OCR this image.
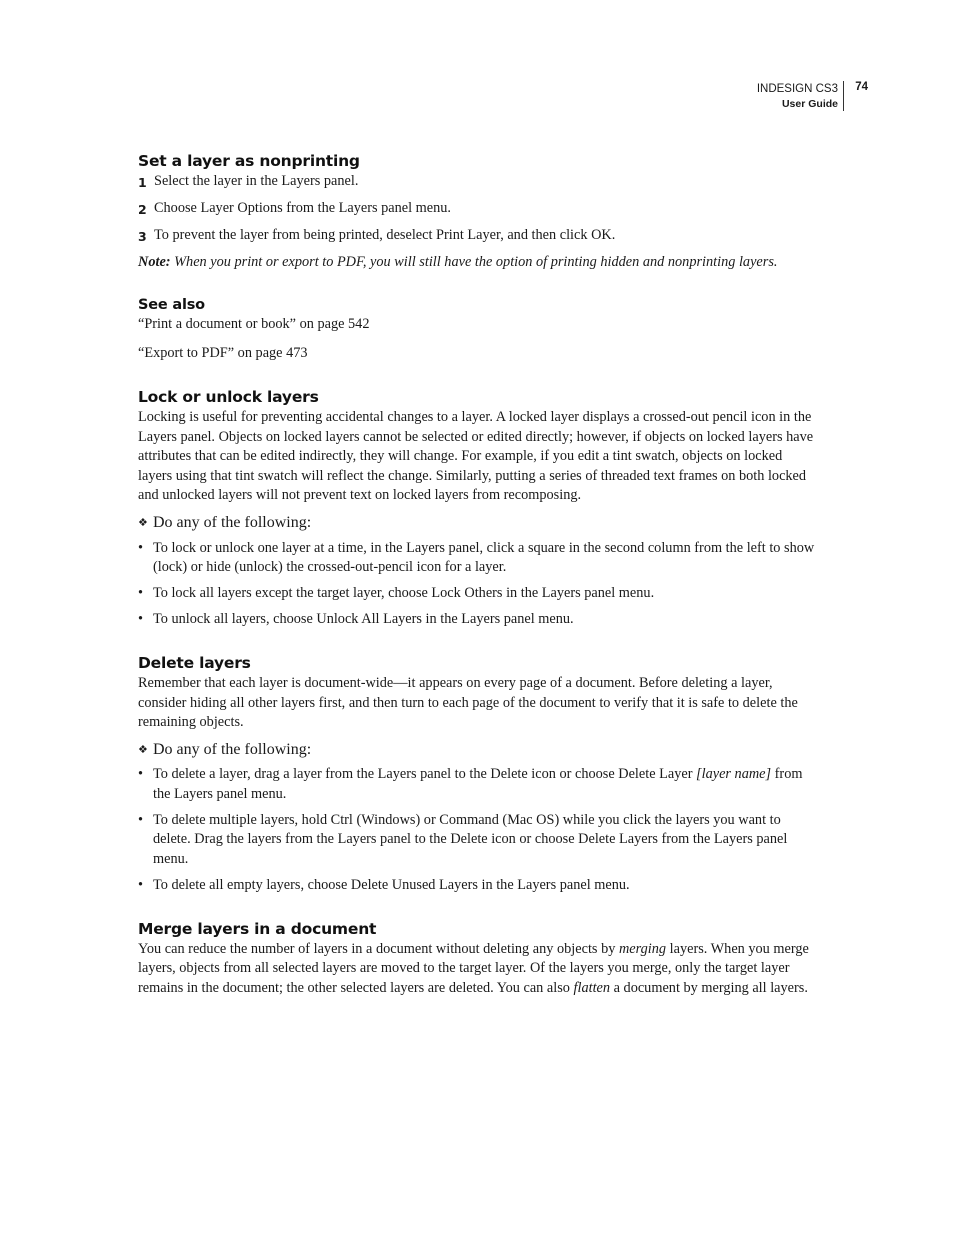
INDESIGN CS3
User Guide
74
Set a layer as nonprinting
1 Select the layer in the Layers panel.
2 Choose Layer Options from the Layers panel menu.
3 To prevent the layer from being printed, deselect Print Layer, and then click OK.

Note: When you print or export to PDF, you will still have the option of printing hidden and nonprinting layers.

See also

“Print a document or book” on page 542

“Export to PDF” on page 473

Lock or unlock layers

Locking is useful for preventing accidental changes to a layer. A locked layer displays a crossed-out pencil icon in the Layers panel. Objects on locked layers cannot be selected or edited directly; however, if objects on locked layers have attributes that can be edited indirectly, they will change. For example, if you edit a tint swatch, objects on locked layers using that tint swatch will reflect the change. Similarly, putting a series of threaded text frames on both locked and unlocked layers will not prevent text on locked layers from recomposing.

❖ Do any of the following:
• To lock or unlock one layer at a time, in the Layers panel, click a square in the second column from the left to show (lock) or hide (unlock) the crossed-out-pencil icon for a layer.
• To lock all layers except the target layer, choose Lock Others in the Layers panel menu.
• To unlock all layers, choose Unlock All Layers in the Layers panel menu.
Delete layers

Remember that each layer is document-wide—it appears on every page of a document. Before deleting a layer, consider hiding all other layers first, and then turn to each page of the document to verify that it is safe to delete the remaining objects.

❖ Do any of the following:
• To delete a layer, drag a layer from the Layers panel to the Delete icon or choose Delete Layer [layer name] from the Layers panel menu.
• To delete multiple layers, hold Ctrl (Windows) or Command (Mac OS) while you click the layers you want to delete. Drag the layers from the Layers panel to the Delete icon or choose Delete Layers from the Layers panel menu.
• To delete all empty layers, choose Delete Unused Layers in the Layers panel menu.
Merge layers in a document

You can reduce the number of layers in a document without deleting any objects by merging layers. When you merge layers, objects from all selected layers are moved to the target layer. Of the layers you merge, only the target layer remains in the document; the other selected layers are deleted. You can also flatten a document by merging all layers.
